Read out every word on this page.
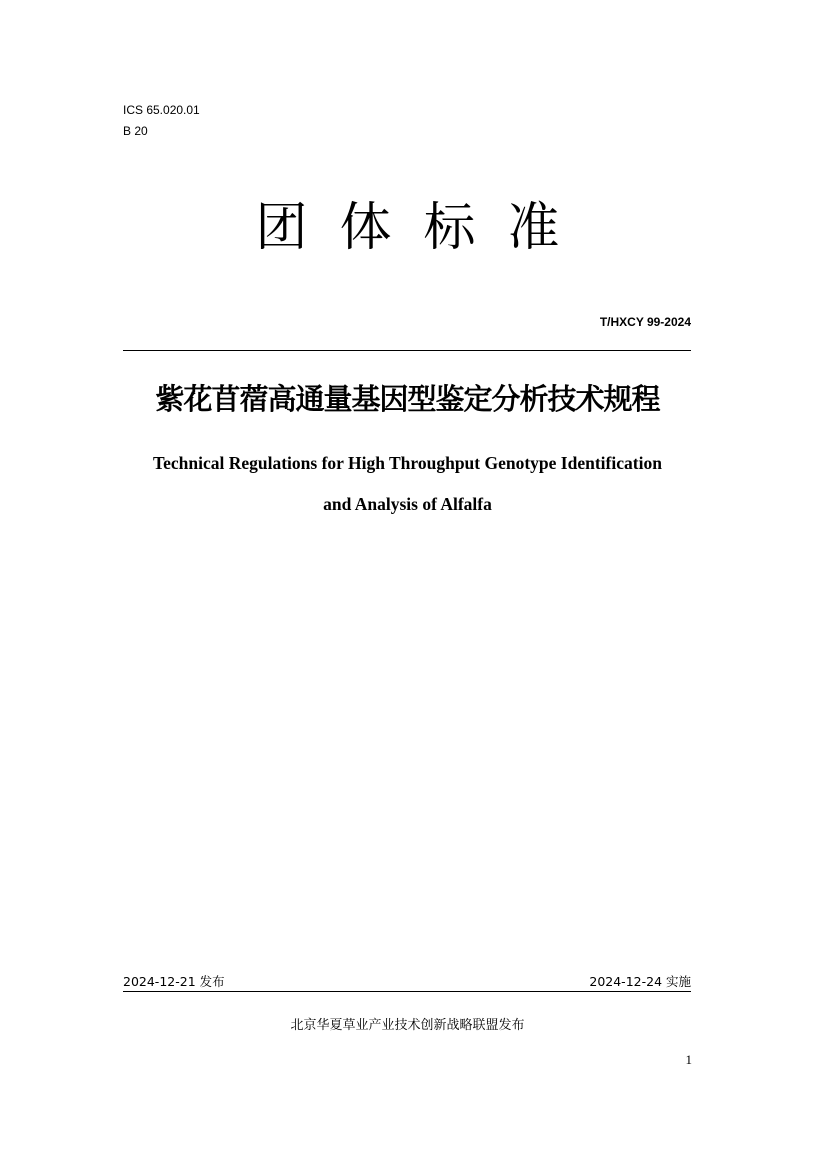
ICS 65.020.01
B 20
团体标准
T/HXCY 99-2024
紫花苜蓿高通量基因型鉴定分析技术规程
Technical Regulations for High Throughput Genotype Identification
and Analysis of Alfalfa
2024-12-21 发布	2024-12-24 实施
北京华夏草业产业技术创新战略联盟发布
1
